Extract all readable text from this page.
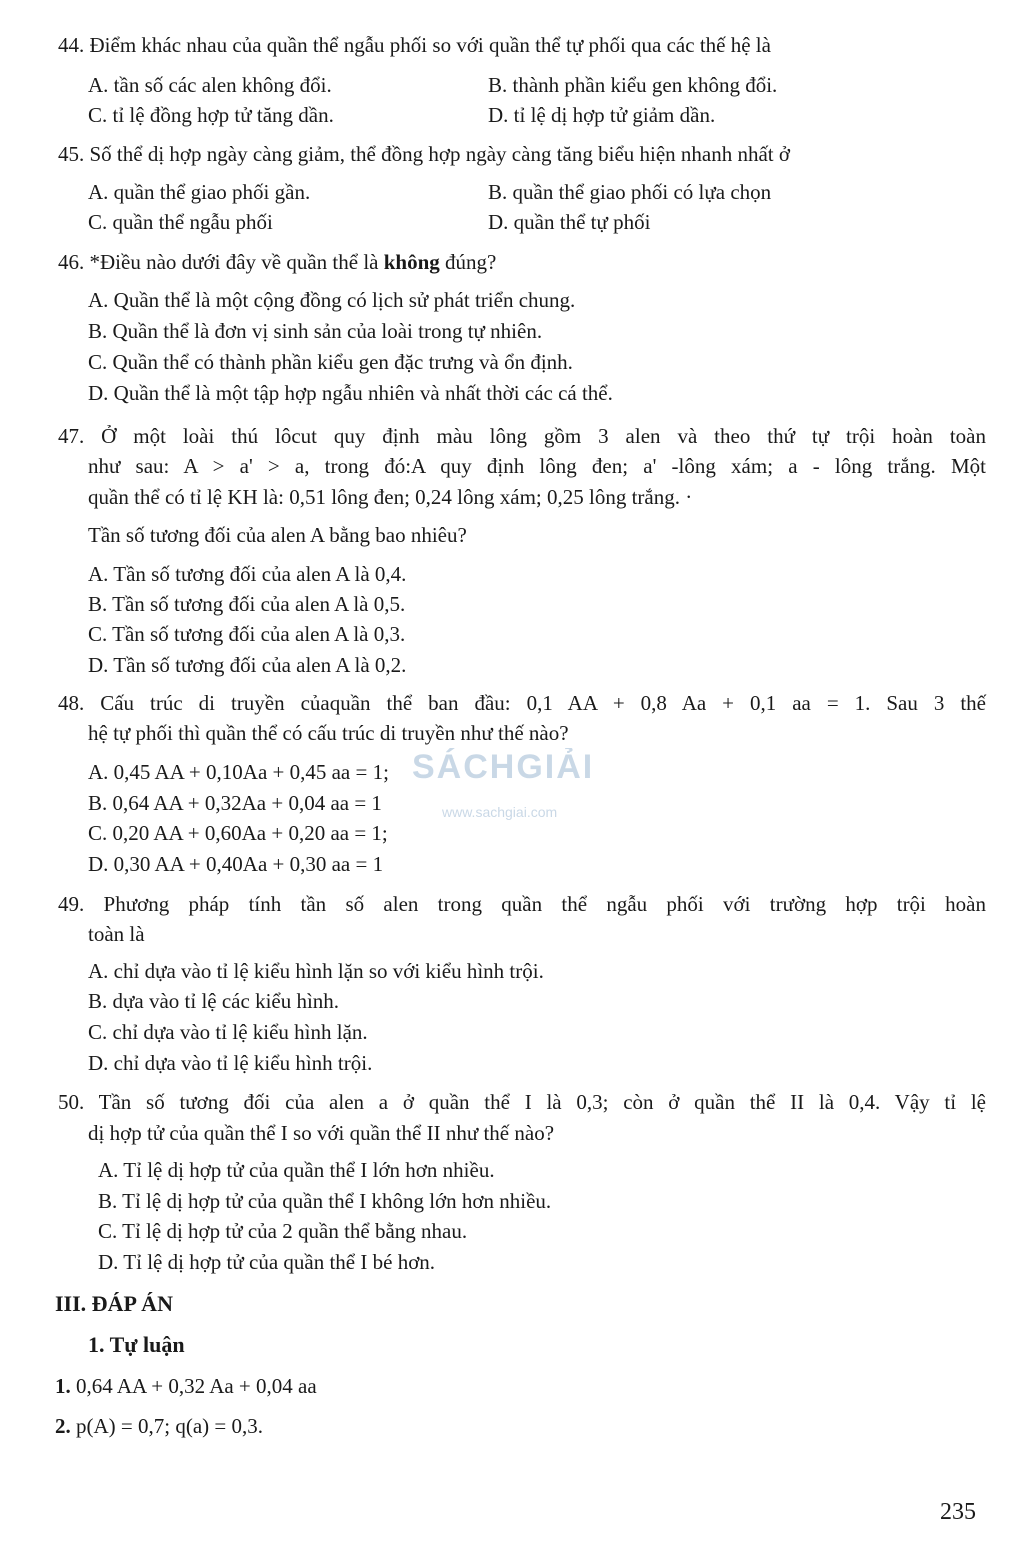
44. Điểm khác nhau của quần thể ngẫu phối so với quần thể tự phối qua các thế hệ là
A. tần số các alen không đổi.	B. thành phần kiểu gen không đổi.
C. tỉ lệ đồng hợp tử tăng dần.	D. tỉ lệ dị hợp tử giảm dần.
45. Số thể dị hợp ngày càng giảm, thể đồng hợp ngày càng tăng biểu hiện nhanh nhất ở
A. quần thể giao phối gần.	B. quần thể giao phối có lựa chọn
C. quần thể ngẫu phối	D. quần thể tự phối
46. *Điều nào dưới đây về quần thể là không đúng?
A. Quần thể là một cộng đồng có lịch sử phát triển chung.
B. Quần thể là đơn vị sinh sản của loài trong tự nhiên.
C. Quần thể có thành phần kiểu gen đặc trưng và ổn định.
D. Quần thể là một tập hợp ngẫu nhiên và nhất thời các cá thể.
47. Ở một loài thú lôcut quy định màu lông gồm 3 alen và theo thứ tự trội hoàn toàn
như sau: A > a' > a, trong đó:A quy định lông đen; a' -lông xám; a - lông trắng. Một
quần thể có tỉ lệ KH là: 0,51 lông đen; 0,24 lông xám; 0,25 lông trắng. ·
Tần số tương đối của alen A bằng bao nhiêu?
A. Tần số tương đối của alen A là 0,4.
B. Tần số tương đối của alen A là 0,5.
C. Tần số tương đối của alen A là 0,3.
D. Tần số tương đối của alen A là 0,2.
48. Cấu trúc di truyền củaquần thể ban đầu: 0,1 AA + 0,8 Aa + 0,1 aa = 1. Sau 3 thế
hệ tự phối thì quần thể có cấu trúc di truyền như thế nào?
A. 0,45 AA + 0,10Aa + 0,45 aa = 1;
B. 0,64 AA + 0,32Aa + 0,04 aa = 1
C. 0,20 AA + 0,60Aa + 0,20 aa = 1;
D. 0,30 AA + 0,40Aa + 0,30 aa = 1
SÁCHGIẢI
www.sachgiai.com
49. Phương pháp tính tần số alen trong quần thể ngẫu phối với trường hợp trội hoàn
toàn là
A. chỉ dựa vào tỉ lệ kiểu hình lặn so với kiểu hình trội.
B. dựa vào tỉ lệ các kiểu hình.
C. chỉ dựa vào tỉ lệ kiểu hình lặn.
D. chỉ dựa vào tỉ lệ kiểu hình trội.
50. Tần số tương đối của alen a ở quần thể I là 0,3; còn ở quần thể II là 0,4. Vậy tỉ lệ
dị hợp tử của quần thể I so với quần thể II như thế nào?
A. Tỉ lệ dị hợp tử của quần thể I lớn hơn nhiều.
B. Tỉ lệ dị hợp tử của quần thể I không lớn hơn nhiều.
C. Tỉ lệ dị hợp tử của 2 quần thể bằng nhau.
D. Tỉ lệ dị hợp tử của quần thể I bé hơn.
III. ĐÁP ÁN
1. Tự luận
1. 0,64 AA + 0,32 Aa + 0,04 aa
2. p(A) = 0,7; q(a) = 0,3.
235
